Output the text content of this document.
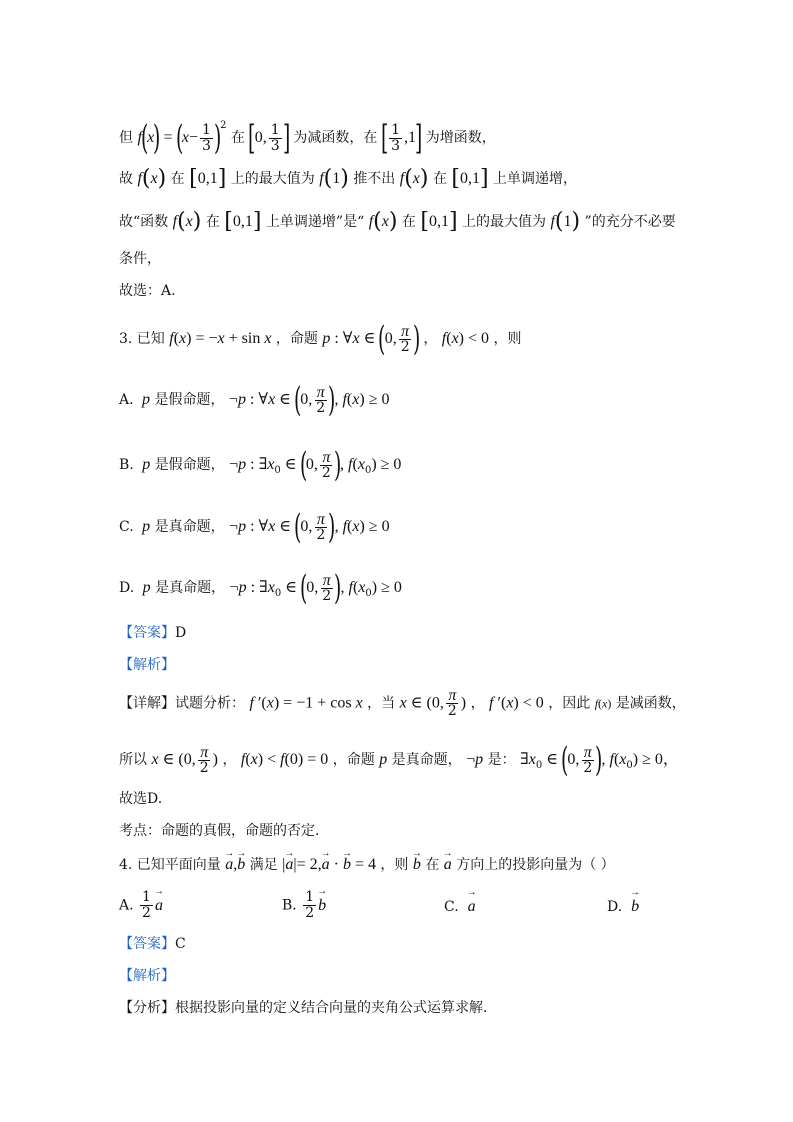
但 $f(x) = (x- \frac{1}{3} )^2$ 在 [0, $\frac{1}{3}$ ] 为减函数，在 [ $\frac{1}{3} ,1$] 为增函数，
故 f(x) 在 [0,1] 上的最大值为 f(1) 推不出 f(x) 在 [0,1] 上单调递增，
故“函数 f(x) 在 [0,1] 上单调递增”是“ f(x) 在 [0,1] 上的最大值为 f(1) ”的充分不必要
条件，
故选：A.
3. 已知 f(x) = −x + sin x ，命题 p : ∀x ∈ (0, $\frac{\pi}{2}$ ) ， f(x) < 0 ，则
A.  p 是假命题， ¬p : ∀x ∈ (0, $\frac{\pi}{2}$ ), f(x) ≥ 0
B.  p 是假命题， ¬p : $\exists x_0$ ∈ (0, $\frac{\pi}{2}$ ), $f(x_0) \ge 0$
C.  p 是真命题， ¬p : ∀x ∈ (0, $\frac{\pi}{2}$ ), f(x) ≥ 0
D.  p 是真命题， ¬p : $\exists x_0$ ∈ (0, $\frac{\pi}{2}$ ), $f(x_0) \ge 0$
【答案】D
【解析】
【详解】试题分析： f ′(x) = −1 + cos x ，当 x ∈ (0, $\frac{\pi}{2}$ ) ， f ′(x) < 0 ，因此 f(x) 是减函数，
所以 x ∈ (0, $\frac{\pi}{2}$ ) ， f(x) < f(0) = 0 ，命题 p 是真命题， ¬p 是： $\exists x_0$ ∈ (0, $\frac{\pi}{2}$ ), $f(x_0) \ge 0$，
故选D.
考点：命题的真假，命题的否定.
4. 已知平面向量 → a,→ b 满足 |→ a|= 2,→ a · → b = 4 ，则 → b 在 → a 方向上的投影向量为（ ）
A. $\frac{1}{2}$
→ a	B. $\frac{1}{2}$
→ b	C.  → a	D.  → b
【答案】C
【解析】
【分析】根据投影向量的定义结合向量的夹角公式运算求解.
